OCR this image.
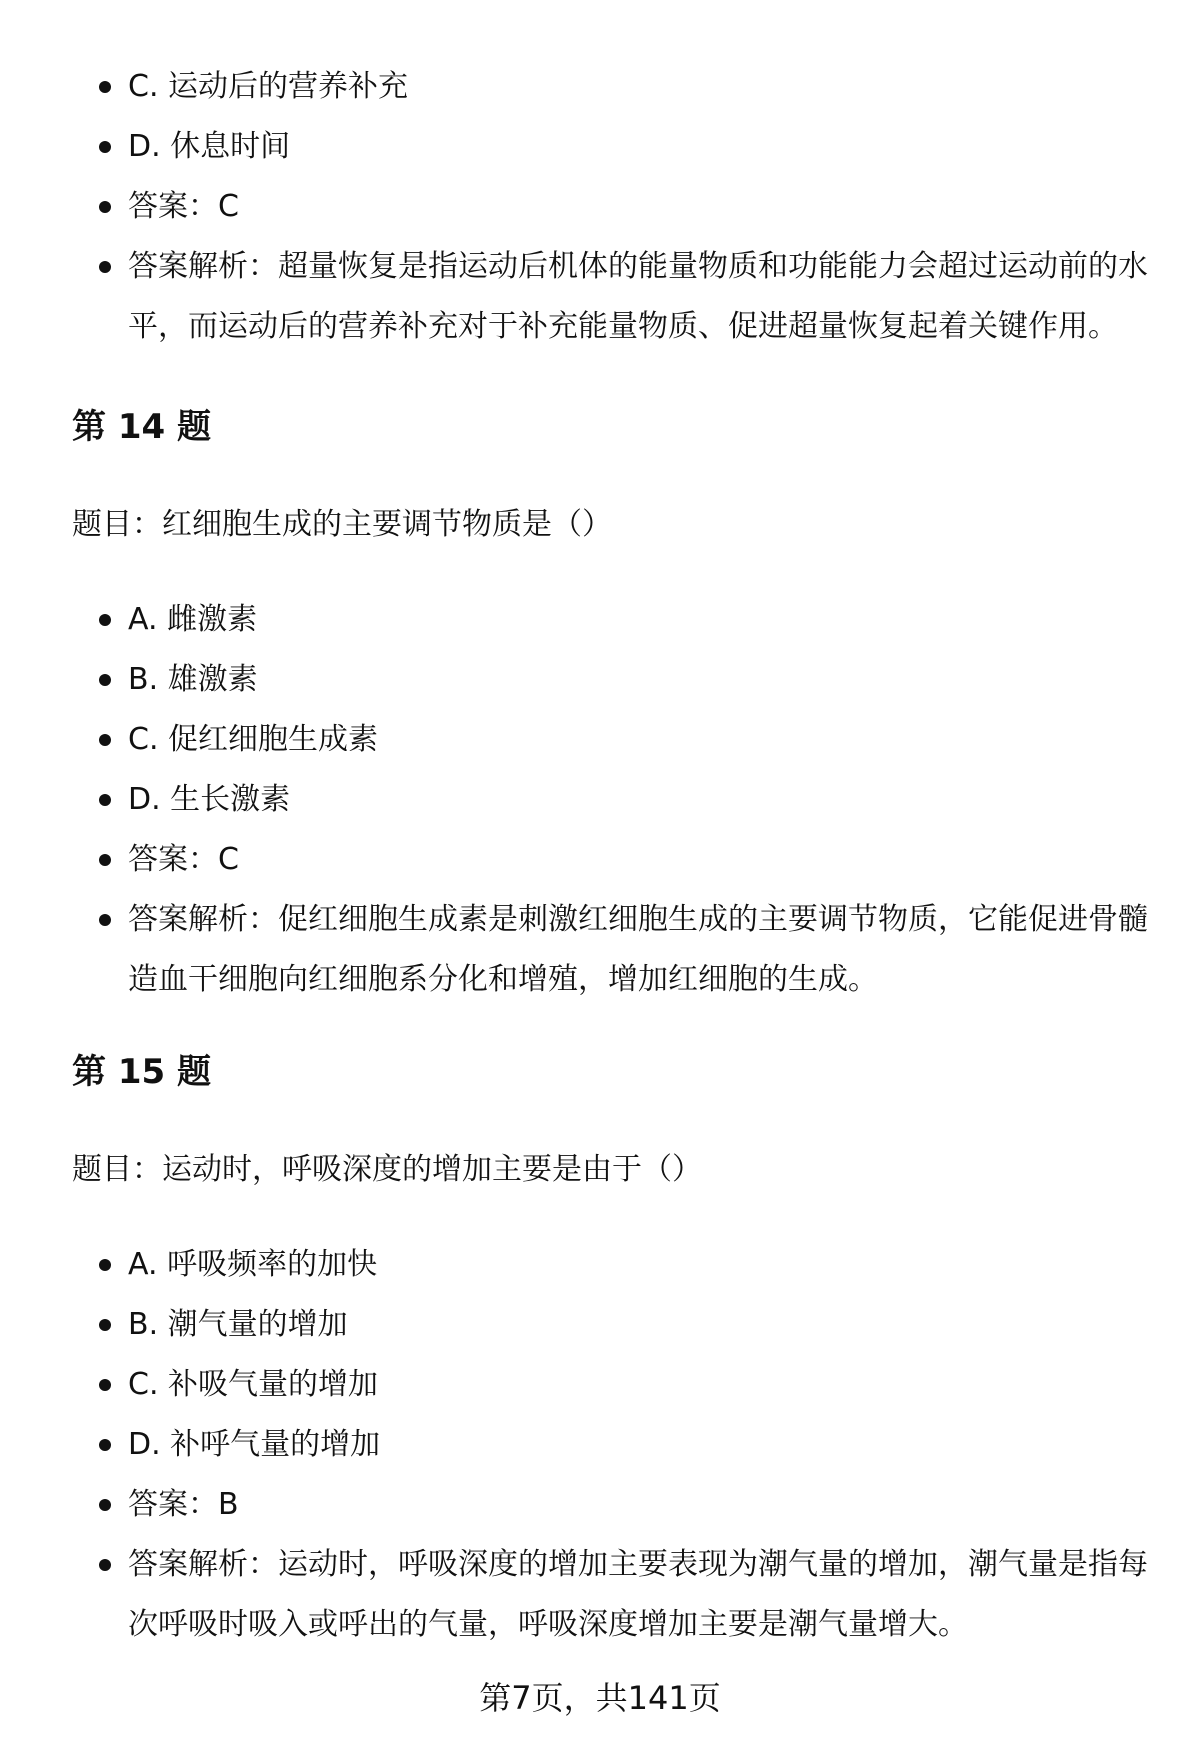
C. 运动后的营养补充
D. 休息时间
答案：C
答案解析：超量恢复是指运动后机体的能量物质和功能能力会超过运动前的水平，而运动后的营养补充对于补充能量物质、促进超量恢复起着关键作用。
第 14 题

题目：红细胞生成的主要调节物质是（）

A. 雌激素
B. 雄激素
C. 促红细胞生成素
D. 生长激素
答案：C
答案解析：促红细胞生成素是刺激红细胞生成的主要调节物质，它能促进骨髓造血干细胞向红细胞系分化和增殖，增加红细胞的生成。
第 15 题

题目：运动时，呼吸深度的增加主要是由于（）

A. 呼吸频率的加快
B. 潮气量的增加
C. 补吸气量的增加
D. 补呼气量的增加
答案：B
答案解析：运动时，呼吸深度的增加主要表现为潮气量的增加，潮气量是指每次呼吸时吸入或呼出的气量，呼吸深度增加主要是潮气量增大。
第7页，共141页
